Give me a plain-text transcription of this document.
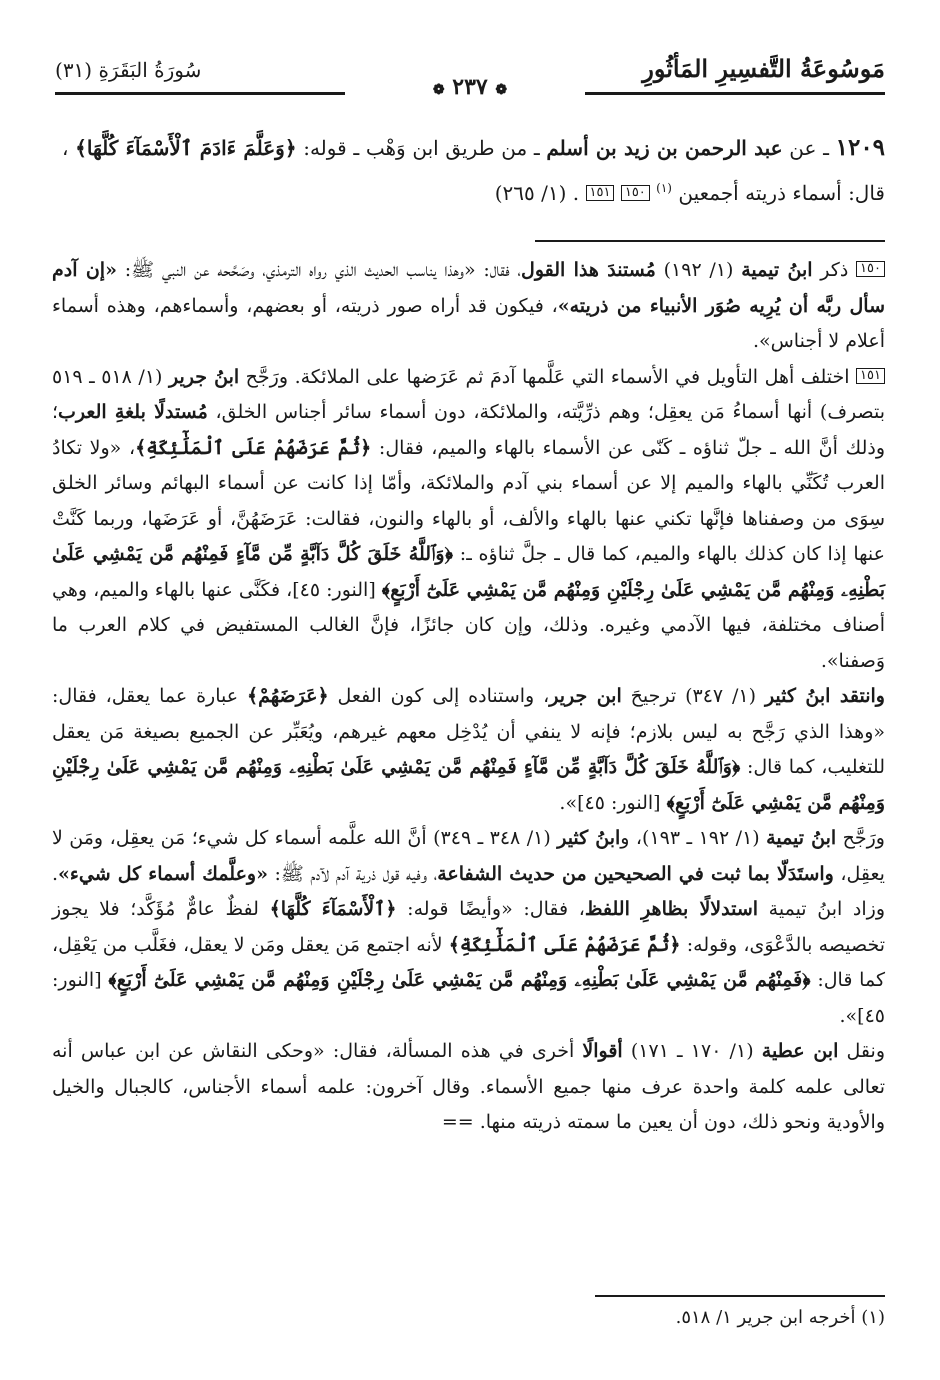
مَوسُوعَةُ التَّفسِيرِ المَأثُورِ
سُورَةُ البَقَرَةِ (٣١)
❁ ٢٣٧ ❁
١٢٠٩ ـ عن عبد الرحمن بن زيد بن أسلم ـ من طريق ابن وَهْب ـ قوله: ﴿وَعَلَّمَ ءَادَمَ ٱلْأَسْمَآءَ كُلَّهَا﴾ ، قال: أسماء ذريته أجمعين $^{(١)}$ ١٥٠ ١٥١ . (١/ ٢٦٥)

١٥٠ ذكر ابنُ تيمية (١/ ١٩٢) مُستندَ هذا القول، فقال: «وهذا يناسب الحديث الذي رواه الترمذي، وصَحَّحه عن النبي ﷺ: «إن آدم سأل ربَّه أن يُرِيه صُوَر الأنبياء من ذريته»، فيكون قد أراه صور ذريته، أو بعضهم، وأسماءهم، وهذه أسماء أعلام لا أجناس».

١٥١ اختلف أهل التأويل في الأسماء التي عَلَّمها آدمَ ثم عَرَضها على الملائكة. ورَجَّح ابنُ جرير (١/ ٥١٨ ـ ٥١٩ بتصرف) أنها أسماءُ مَن يعقِل؛ وهم ذرِّيَّته، والملائكة، دون أسماء سائر أجناس الخلق، مُستدلًا بلغةِ العرب؛ وذلك أنَّ الله ـ جلّ ثناؤه ـ كَنّى عن الأسماء بالهاء والميم، فقال: ﴿ثُمَّ عَرَضَهُمْ عَلَى ٱلْمَلَٰٓئِكَةِ﴾، «ولا تكادُ العرب تُكَنِّي بالهاء والميم إلا عن أسماء بني آدم والملائكة، وأمّا إذا كانت عن أسماء البهائم وسائر الخلق سِوَى من وصفناها فإنَّها تكني عنها بالهاء والألف، أو بالهاء والنون، فقالت: عَرَضَهُنَّ، أو عَرَضَها، وربما كَنَّتْ عنها إذا كان كذلك بالهاء والميم، كما قال ـ جلَّ ثناؤه ـ: ﴿وَٱللَّهُ خَلَقَ كُلَّ دَآبَّةٍ مِّن مَّآءٍ فَمِنْهُم مَّن يَمْشِي عَلَىٰ بَطْنِهِۦ وَمِنْهُم مَّن يَمْشِي عَلَىٰ رِجْلَيْنِ وَمِنْهُم مَّن يَمْشِي عَلَىٰٓ أَرْبَعٍ﴾ [النور: ٤٥]، فكَنَّى عنها بالهاء والميم، وهي أصناف مختلفة، فيها الآدمي وغيره. وذلك، وإن كان جائزًا، فإنَّ الغالب المستفيض في كلام العرب ما وَصفنا».

وانتقد ابنُ كثير (١/ ٣٤٧) ترجيحَ ابن جرير، واستناده إلى كون الفعل ﴿عَرَضَهُمْ﴾ عبارة عما يعقل، فقال: «وهذا الذي رَجَّح به ليس بلازم؛ فإنه لا ينفي أن يُدْخِل معهم غيرهم، ويُعَبِّر عن الجميع بصيغة مَن يعقل للتغليب، كما قال: ﴿وَٱللَّهُ خَلَقَ كُلَّ دَآبَّةٍ مِّن مَّآءٍ فَمِنْهُم مَّن يَمْشِي عَلَىٰ بَطْنِهِۦ وَمِنْهُم مَّن يَمْشِي عَلَىٰ رِجْلَيْنِ وَمِنْهُم مَّن يَمْشِي عَلَىٰٓ أَرْبَعٍ﴾ [النور: ٤٥]».

ورَجَّح ابنُ تيمية (١/ ١٩٢ ـ ١٩٣)، وابنُ كثير (١/ ٣٤٨ ـ ٣٤٩) أنَّ الله علَّمه أسماء كل شيء؛ مَن يعقِل، ومَن لا يعقِل، واستَدَلّا بما ثبت في الصحيحين من حديث الشفاعة، وفيه قول ذرية آدم لآدم ﷺ: «وعلَّمك أسماء كل شيء». وزاد ابنُ تيمية استدلالًا بظاهرِ اللفظ، فقال: «وأيضًا قوله: ﴿ٱلْأَسْمَآءَ كُلَّهَا﴾ لفظٌ عامٌّ مُؤَكَّد؛ فلا يجوز تخصيصه بالدَّعْوَى، وقوله: ﴿ثُمَّ عَرَضَهُمْ عَلَى ٱلْمَلَٰٓئِكَةِ﴾ لأنه اجتمع مَن يعقل ومَن لا يعقل، فغَلَّب من يَعْقِل، كما قال: ﴿فَمِنْهُم مَّن يَمْشِي عَلَىٰ بَطْنِهِۦ وَمِنْهُم مَّن يَمْشِي عَلَىٰ رِجْلَيْنِ وَمِنْهُم مَّن يَمْشِي عَلَىٰٓ أَرْبَعٍ﴾ [النور: ٤٥]».

ونقل ابن عطية (١/ ١٧٠ ـ ١٧١) أقوالًا أخرى في هذه المسألة، فقال: «وحكى النقاش عن ابن عباس أنه تعالى علمه كلمة واحدة عرف منها جميع الأسماء. وقال آخرون: علمه أسماء الأجناس، كالجبال والخيل والأودية ونحو ذلك، دون أن يعين ما سمته ذريته منها. ==

(١) أخرجه ابن جرير ١/ ٥١٨.
